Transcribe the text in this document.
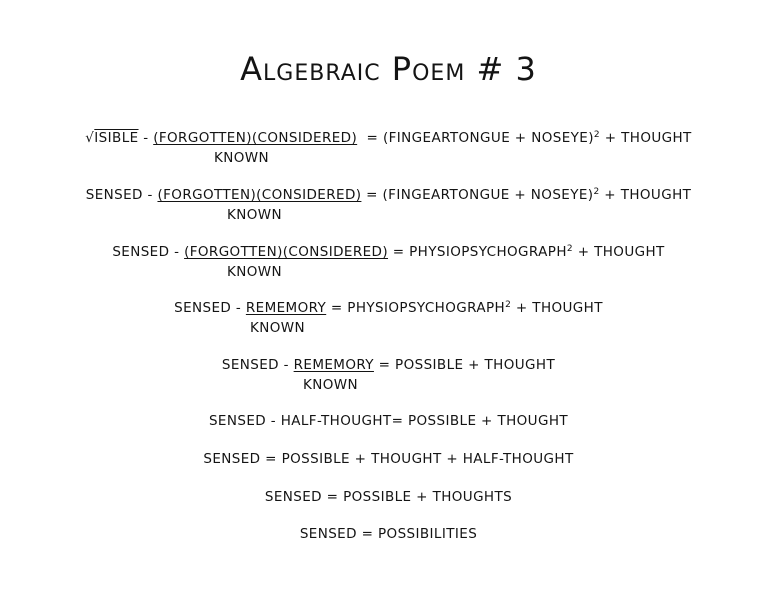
Algebraic Poem # 3
√ISIBLE - (FORGOTTEN)(CONSIDERED)  = (FINGEARTONGUE + NOSEYE)$^2$ + THOUGHT
KNOWN
SENSED - (FORGOTTEN)(CONSIDERED) = (FINGEARTONGUE + NOSEYE)$^2$ + THOUGHT
KNOWN
SENSED - (FORGOTTEN)(CONSIDERED) = $PHYSIOPSYCHOGRAPH^2$ + THOUGHT
KNOWN
SENSED - REMEMORY = $PHYSIOPSYCHOGRAPH^2$ + THOUGHT
KNOWN
SENSED - REMEMORY = POSSIBLE + THOUGHT
KNOWN
SENSED - HALF-THOUGHT= POSSIBLE + THOUGHT
SENSED = POSSIBLE + THOUGHT + HALF-THOUGHT
SENSED = POSSIBLE + THOUGHTS
SENSED = POSSIBILITIES
